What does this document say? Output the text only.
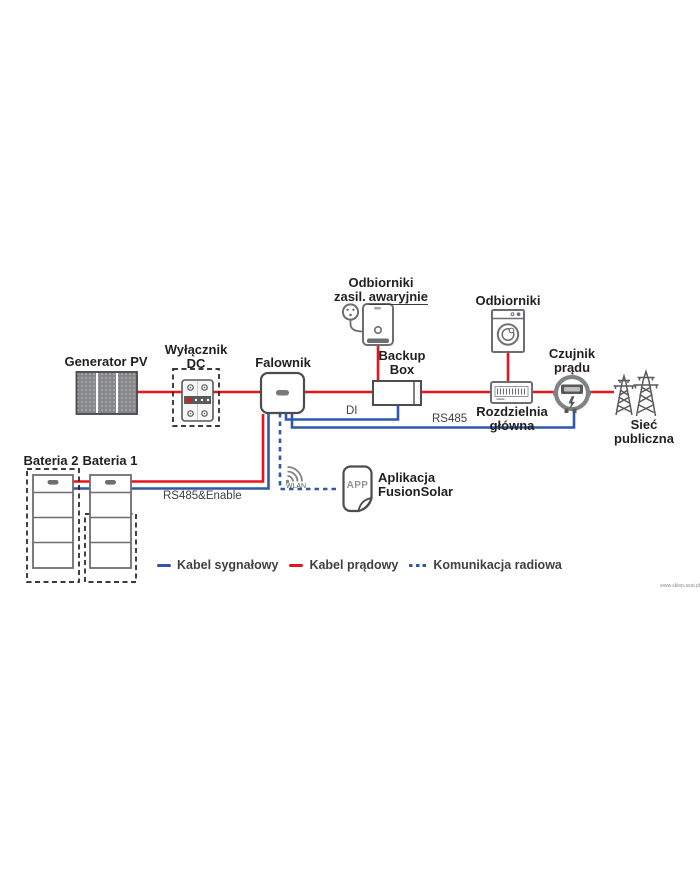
Generator PV
Wyłącznik
DC	Falownik
Odbiorniki
zasil. awaryjnie
Backup
Box
Odbiorniki
Rozdzielnia
główna
Czujnik
prądu
Sieć
publiczna
Bateria 2 Bateria 1
RS485&Enable
DI
RS485
WLAN	APP
Aplikacja
FusionSolar
Kabel sygnałowy Kabel prądowy	Komunikacja radiowa
www.sklep.asat.pl
